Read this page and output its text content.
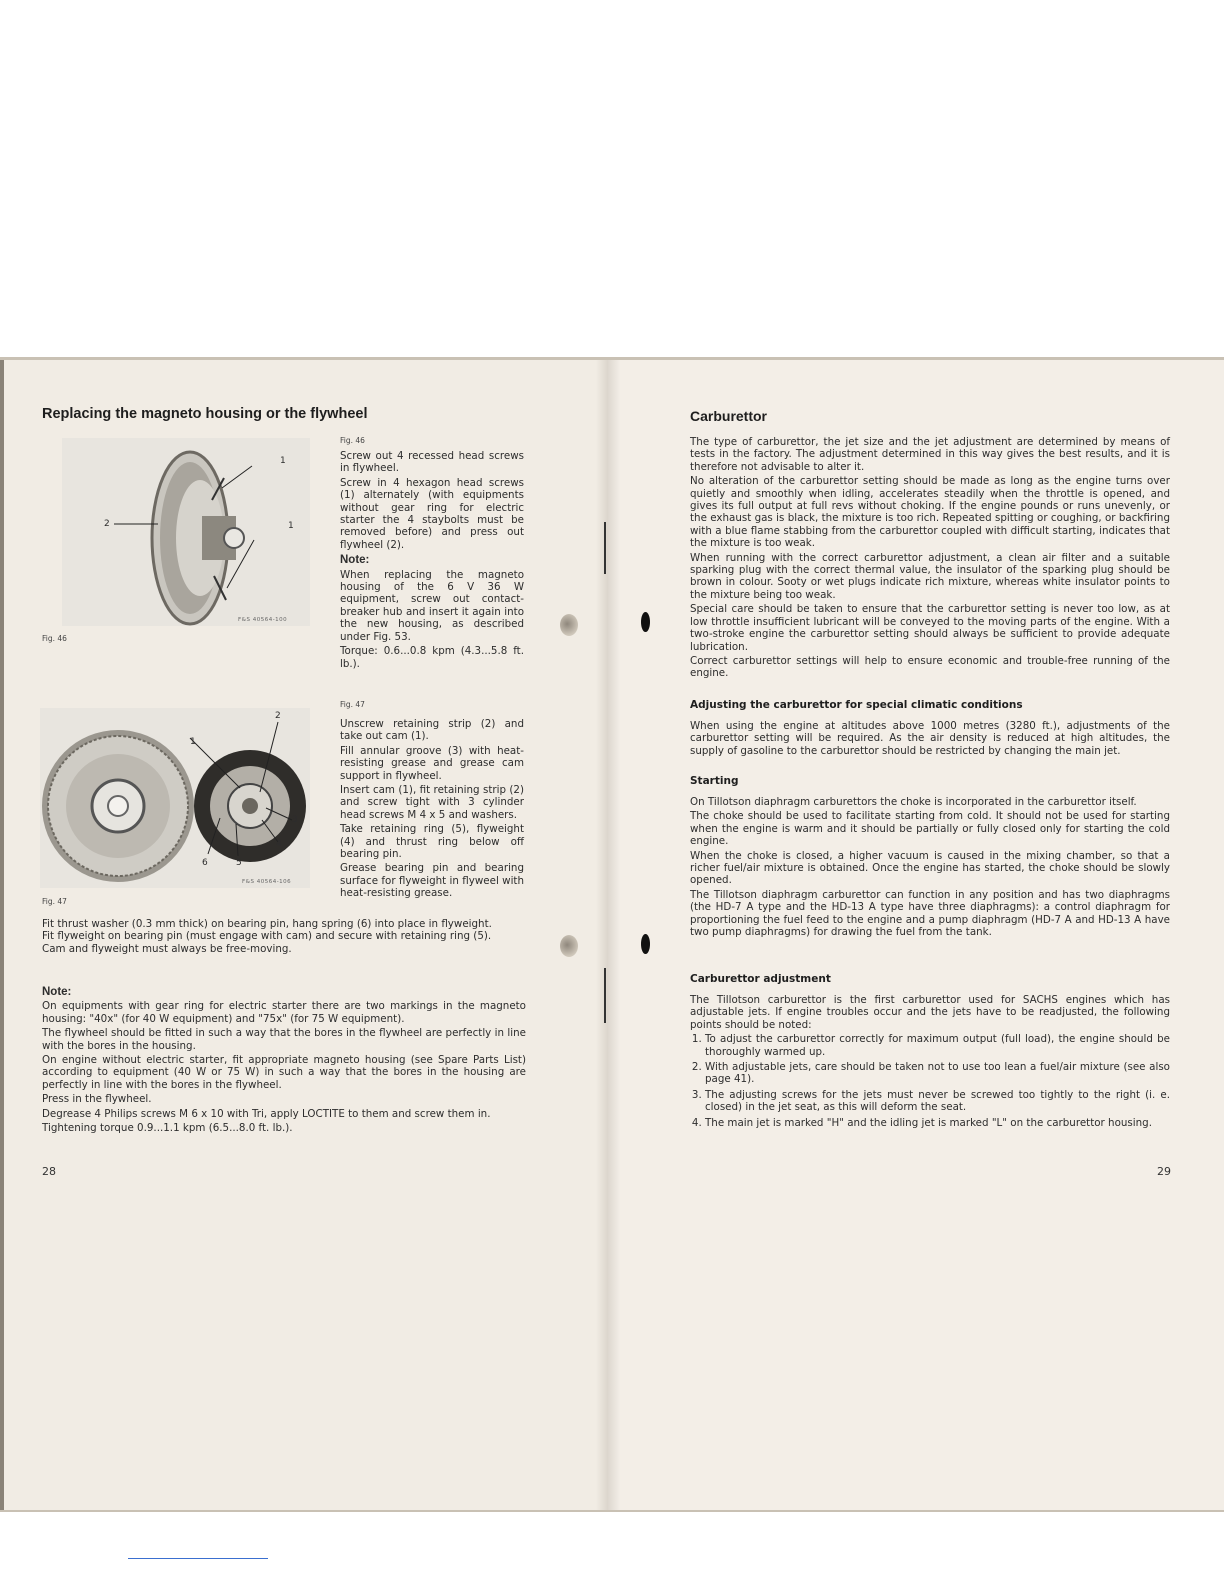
Replacing the magneto housing or the flywheel
1
2	1
F&S 40564-100
Fig. 46
Fig. 46

Screw out 4 recessed head screws in flywheel.

Screw in 4 hexagon head screws (1) alternately (with equipments without gear ring for electric starter the 4 staybolts must be removed before) and press out flywheel (2).

Note:

When replacing the magneto housing of the 6 V 36 W equipment, screw out contact-breaker hub and insert it again into the new housing, as described under Fig. 53.

Torque: 0.6...0.8 kpm (4.3...5.8 ft. lb.).

1
2
3
4
5
6
F&S 40564-106
Fig. 47
Fig. 47

Unscrew retaining strip (2) and take out cam (1).

Fill annular groove (3) with heat-resisting grease and grease cam support in flywheel.

Insert cam (1), fit retaining strip (2) and screw tight with 3 cylinder head screws M 4 x 5 and washers.

Take retaining ring (5), flyweight (4) and thrust ring below off bearing pin.

Grease bearing pin and bearing surface for flyweight in flyweel with heat-resisting grease.

Fit thrust washer (0.3 mm thick) on bearing pin, hang spring (6) into place in flyweight.

Fit flyweight on bearing pin (must engage with cam) and secure with retaining ring (5).

Cam and flyweight must always be free-moving.

Note:

On equipments with gear ring for electric starter there are two markings in the magneto housing: "40x" (for 40 W equipment) and "75x" (for 75 W equipment).

The flywheel should be fitted in such a way that the bores in the flywheel are perfectly in line with the bores in the housing.

On engine without electric starter, fit appropriate magneto housing (see Spare Parts List) according to equipment (40 W or 75 W) in such a way that the bores in the housing are perfectly in line with the bores in the flywheel.

Press in the flywheel.

Degrease 4 Philips screws M 6 x 10 with Tri, apply LOCTITE to them and screw them in.

Tightening torque 0.9...1.1 kpm (6.5...8.0 ft. lb.).

28
Carburettor

The type of carburettor, the jet size and the jet adjustment are determined by means of tests in the factory. The adjustment determined in this way gives the best results, and it is therefore not advisable to alter it.

No alteration of the carburettor setting should be made as long as the engine turns over quietly and smoothly when idling, accelerates steadily when the throttle is opened, and gives its full output at full revs without choking. If the engine pounds or runs unevenly, or the exhaust gas is black, the mixture is too rich. Repeated spitting or coughing, or backfiring with a blue flame stabbing from the carburettor coupled with difficult starting, indicates that the mixture is too weak.

When running with the correct carburettor adjustment, a clean air filter and a suitable sparking plug with the correct thermal value, the insulator of the sparking plug should be brown in colour. Sooty or wet plugs indicate rich mixture, whereas white insulator points to the mixture being too weak.

Special care should be taken to ensure that the carburettor setting is never too low, as at low throttle insufficient lubricant will be conveyed to the moving parts of the engine. With a two-stroke engine the carburettor setting should always be sufficient to provide adequate lubrication.

Correct carburettor settings will help to ensure economic and trouble-free running of the engine.

Adjusting the carburettor for special climatic conditions

When using the engine at altitudes above 1000 metres (3280 ft.), adjustments of the carburettor setting will be required. As the air density is reduced at high altitudes, the supply of gasoline to the carburettor should be restricted by changing the main jet.

Starting

On Tillotson diaphragm carburettors the choke is incorporated in the carburettor itself.

The choke should be used to facilitate starting from cold. It should not be used for starting when the engine is warm and it should be partially or fully closed only for starting the cold engine.

When the choke is closed, a higher vacuum is caused in the mixing chamber, so that a richer fuel/air mixture is obtained. Once the engine has started, the choke should be slowly opened.

The Tillotson diaphragm carburettor can function in any position and has two diaphragms (the HD-7 A type and the HD-13 A type have three diaphragms): a control diaphragm for proportioning the fuel feed to the engine and a pump diaphragm (HD-7 A and HD-13 A have two pump diaphragms) for drawing the fuel from the tank.

Carburettor adjustment

The Tillotson carburettor is the first carburettor used for SACHS engines which has adjustable jets. If engine troubles occur and the jets have to be readjusted, the following points should be noted:

1. To adjust the carburettor correctly for maximum output (full load), the engine should be thoroughly warmed up.
2. With adjustable jets, care should be taken not to use too lean a fuel/air mixture (see also page 41).
3. The adjusting screws for the jets must never be screwed too tightly to the right (i. e. closed) in the jet seat, as this will deform the seat.
4. The main jet is marked "H" and the idling jet is marked "L" on the carburettor housing.
29
